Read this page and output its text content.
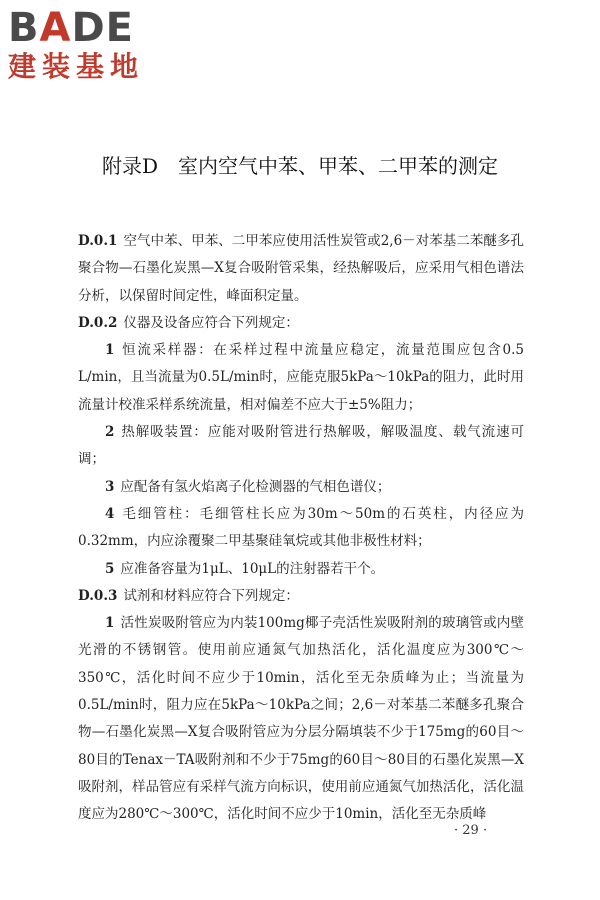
BADE
建装基地
附录D　室内空气中苯、甲苯、二甲苯的测定

D.0.1 空气中苯、甲苯、二甲苯应使用活性炭管或2,6－对苯基二苯醚多孔聚合物—石墨化炭黑—X复合吸附管采集，经热解吸后，应采用气相色谱法分析，以保留时间定性，峰面积定量。

D.0.2 仪器及设备应符合下列规定：

1 恒流采样器：在采样过程中流量应稳定，流量范围应包含0.5 L/min，且当流量为0.5L/min时，应能克服5kPa～10kPa的阻力，此时用流量计校准采样系统流量，相对偏差不应大于±5%阻力；

2 热解吸装置：应能对吸附管进行热解吸，解吸温度、载气流速可调；

3 应配备有氢火焰离子化检测器的气相色谱仪；

4 毛细管柱：毛细管柱长应为30m～50m的石英柱，内径应为0.32mm，内应涂覆聚二甲基聚硅氧烷或其他非极性材料；

5 应准备容量为1μL、10μL的注射器若干个。

D.0.3 试剂和材料应符合下列规定：

1 活性炭吸附管应为内装100mg椰子壳活性炭吸附剂的玻璃管或内壁光滑的不锈钢管。使用前应通氮气加热活化，活化温度应为300℃～350℃，活化时间不应少于10min，活化至无杂质峰为止；当流量为0.5L/min时，阻力应在5kPa～10kPa之间；2,6－对苯基二苯醚多孔聚合物—石墨化炭黑—X复合吸附管应为分层分隔填装不少于175mg的60目～80目的Tenax－TA吸附剂和不少于75mg的60目～80目的石墨化炭黑—X吸附剂，样品管应有采样气流方向标识，使用前应通氮气加热活化，活化温度应为280℃～300℃，活化时间不应少于10min，活化至无杂质峰

· 29 ·
